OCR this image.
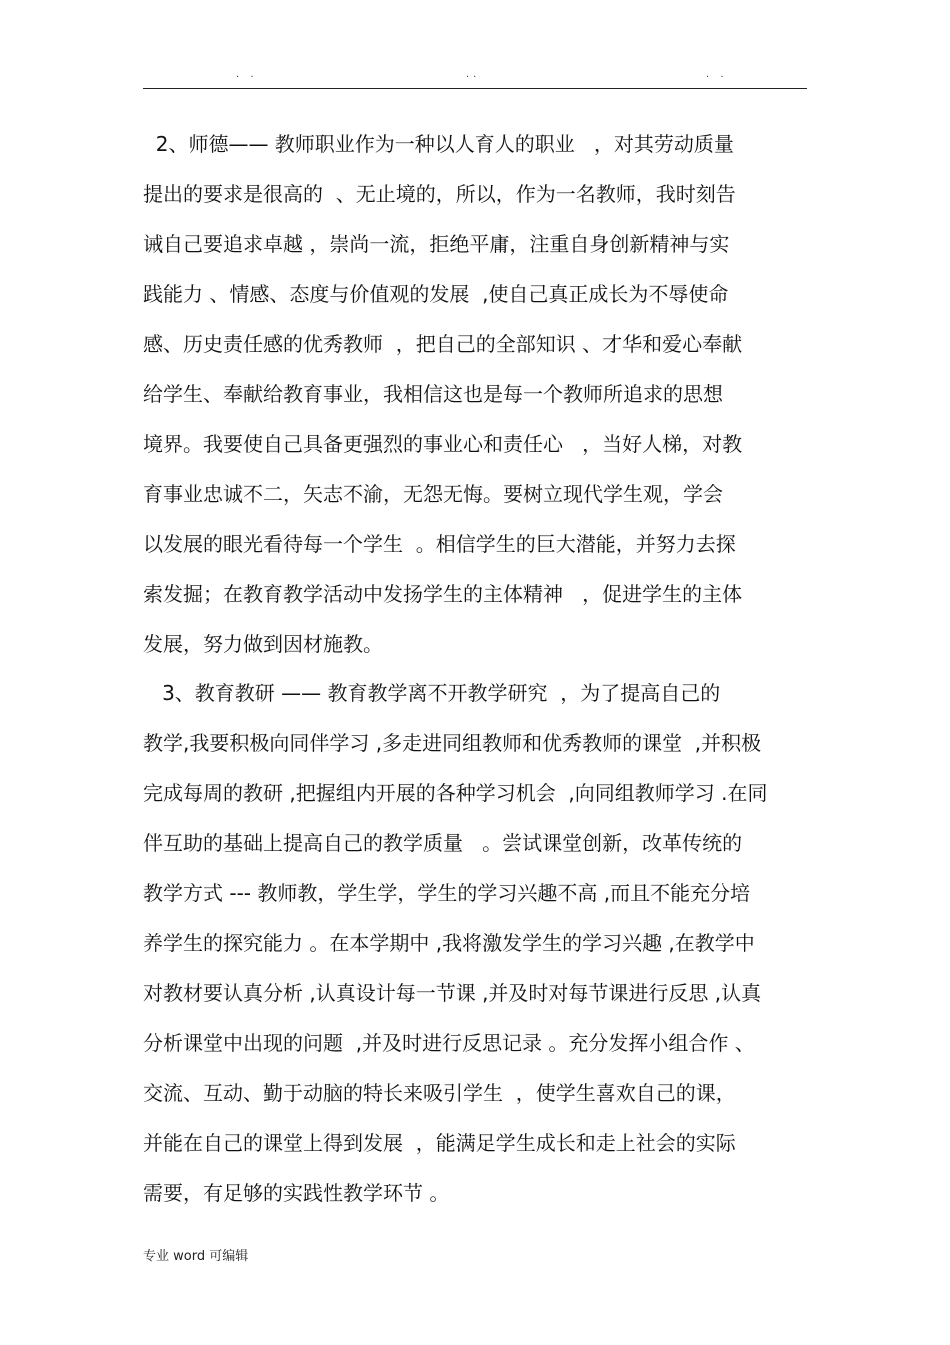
. .	..	. .
2、师德—— 教师职业作为一种以人育人的职业   ，对其劳动质量
提出的要求是很高的  、无止境的，所以，作为一名教师，我时刻告
诫自己要追求卓越 ，崇尚一流，拒绝平庸，注重自身创新精神与实
践能力 、情感、态度与价值观的发展  ,使自己真正成长为不辱使命
感、历史责任感的优秀教师  ，把自己的全部知识 、才华和爱心奉献
给学生、奉献给教育事业，我相信这也是每一个教师所追求的思想
境界。我要使自己具备更强烈的事业心和责任心   ，当好人梯，对教
育事业忠诚不二，矢志不渝，无怨无悔。要树立现代学生观，学会
以发展的眼光看待每一个学生  。相信学生的巨大潜能，并努力去探
索发掘；在教育教学活动中发扬学生的主体精神   ，促进学生的主体
发展，努力做到因材施教。
3、教育教研 —— 教育教学离不开教学研究  ，为了提高自己的
教学,我要积极向同伴学习 ,多走进同组教师和优秀教师的课堂  ,并积极
完成每周的教研 ,把握组内开展的各种学习机会  ,向同组教师学习 .在同
伴互助的基础上提高自己的教学质量   。尝试课堂创新，改革传统的
教学方式 --- 教师教，学生学，学生的学习兴趣不高 ,而且不能充分培
养学生的探究能力 。在本学期中 ,我将激发学生的学习兴趣 ,在教学中
对教材要认真分析 ,认真设计每一节课 ,并及时对每节课进行反思 ,认真
分析课堂中出现的问题  ,并及时进行反思记录 。充分发挥小组合作 、
交流、互动、勤于动脑的特长来吸引学生  ，使学生喜欢自己的课，
并能在自己的课堂上得到发展  ，能满足学生成长和走上社会的实际
需要，有足够的实践性教学环节 。
专业 word 可编辑
